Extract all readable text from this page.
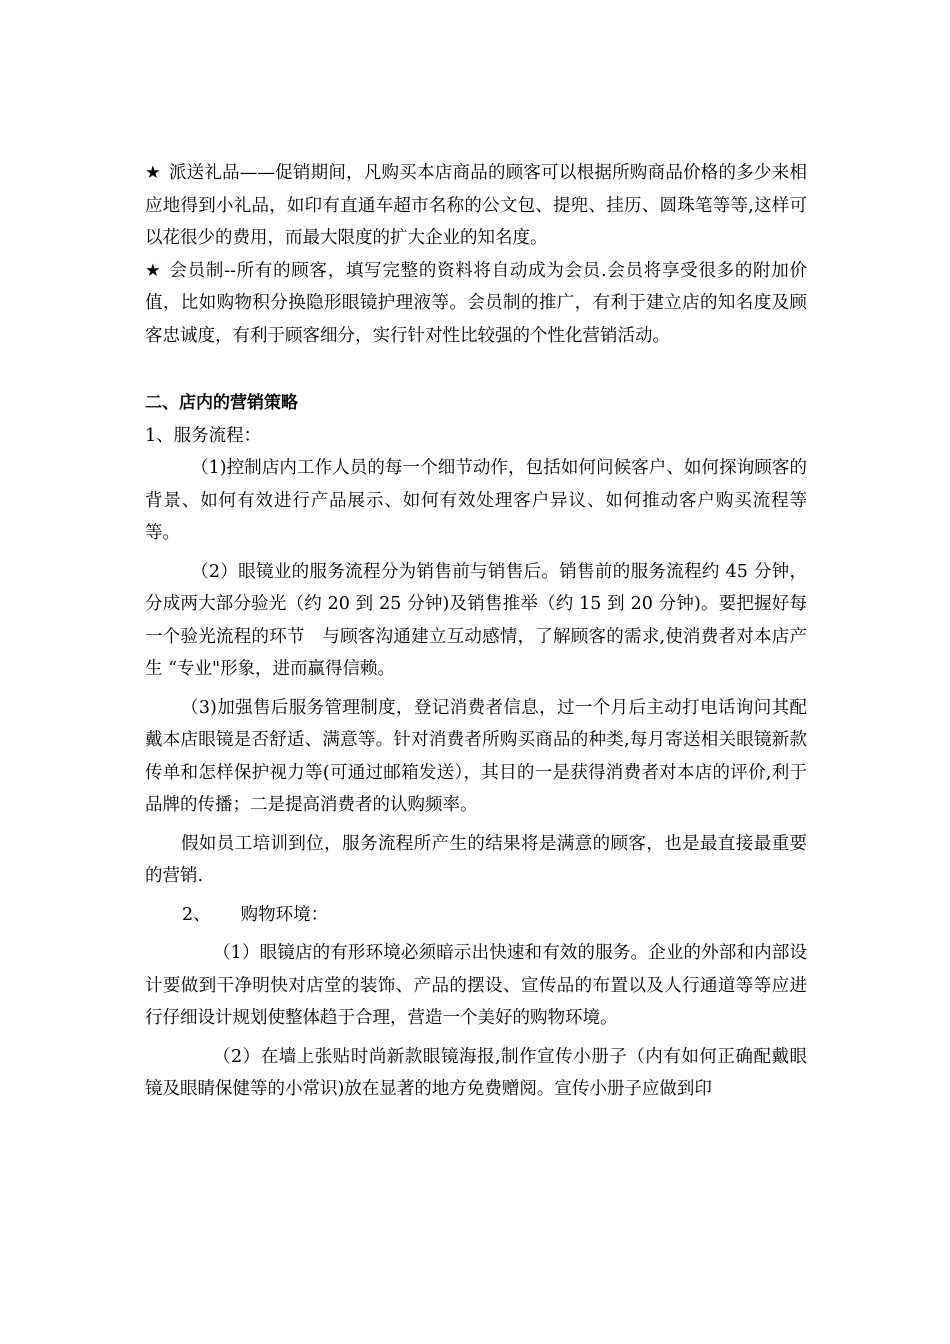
★ 派送礼品——促销期间，凡购买本店商品的顾客可以根据所购商品价格的多少来相应地得到小礼品，如印有直通车超市名称的公文包、提兜、挂历、圆珠笔等等,这样可以花很少的费用，而最大限度的扩大企业的知名度。

★ 会员制--所有的顾客，填写完整的资料将自动成为会员.会员将享受很多的附加价值，比如购物积分换隐形眼镜护理液等。会员制的推广，有利于建立店的知名度及顾客忠诚度，有利于顾客细分，实行针对性比较强的个性化营销活动。

二、店内的营销策略

1、服务流程：

（1)控制店内工作人员的每一个细节动作，包括如何问候客户、如何探询顾客的背景、如何有效进行产品展示、如何有效处理客户异议、如何推动客户购买流程等等。

（2）眼镜业的服务流程分为销售前与销售后。销售前的服务流程约 45 分钟，分成两大部分验光（约 20 到 25 分钟)及销售推举（约 15 到 20 分钟)。要把握好每一个验光流程的环节　与顾客沟通建立互动感情，了解顾客的需求,使消费者对本店产生 “专业"形象，进而赢得信赖。

（3)加强售后服务管理制度，登记消费者信息，过一个月后主动打电话询问其配戴本店眼镜是否舒适、满意等。针对消费者所购买商品的种类,每月寄送相关眼镜新款传单和怎样保护视力等(可通过邮箱发送），其目的一是获得消费者对本店的评价,利于品牌的传播；二是提高消费者的认购频率。

假如员工培训到位，服务流程所产生的结果将是满意的顾客，也是最直接最重要的营销.

2、 购物环境：

（1）眼镜店的有形环境必须暗示出快速和有效的服务。企业的外部和内部设计要做到干净明快对店堂的装饰、产品的摆设、宣传品的布置以及人行通道等等应进行仔细设计规划使整体趋于合理，营造一个美好的购物环境。

（2）在墙上张贴时尚新款眼镜海报,制作宣传小册子（内有如何正确配戴眼镜及眼睛保健等的小常识)放在显著的地方免费赠阅。宣传小册子应做到印
